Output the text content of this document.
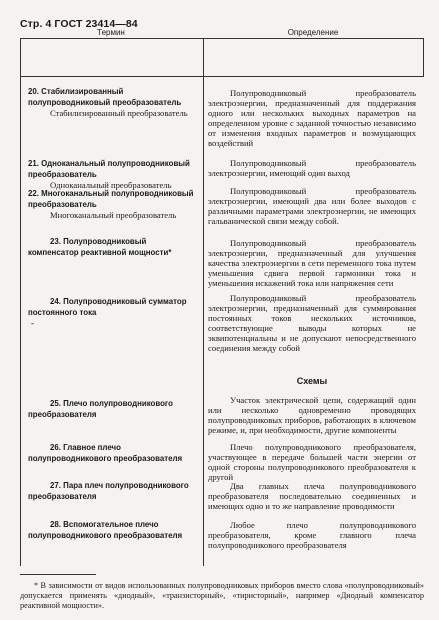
Стр. 4 ГОСТ 23414—84
Термин	Определение
20. Стабилизированный полупроводниковый преобразователь
Стабилизированный преобразователь
Полупроводниковый преобразователь электроэнергии, предназначенный для поддержания одного или нескольких выходных параметров на определенном уровне с заданной точностью независимо от изменения входных параметров и возмущающих воздействий
21. Одноканальный полупроводниковый преобразователь
Одноканальный преобразователь
Полупроводниковый преобразователь электроэнергии, имеющий один выход
22. Многоканальный полупроводниковый преобразователь
Многоканальный преобразователь
Полупроводниковый преобразователь электроэнергии, имеющий два или более выходов с различными параметрами электроэнергии, не имеющих гальванической связи между собой.
23. Полупроводниковый компенсатор реактивной мощности*
Полупроводниковый преобразователь электроэнергии, предназначенный для улучшения качества электроэнергии в сети переменного тока путем уменьшения сдвига первой гармоники тока и уменьшения искажений тока или напряжения сети
24. Полупроводниковый сумматор постоянного тока
Полупроводниковый преобразователь электроэнергии, предназначенный для суммирования постоянных токов нескольких источников, соответствующие выводы которых не эквипотенциальны и не допускают непосредственного соединения между собой
-
Схемы
25. Плечо полупроводникового преобразователя
Участок электрической цепи, содержащий один или несколько одновременно проводящих полупроводниковых приборов, работающих в ключевом режиме, и, при необходимости, другие компоненты
26. Главное плечо полупроводникового преобразователя
Плечо полупроводникового преобразователя, участвующее в передаче большей части энергии от одной стороны полупроводникового преобразователя к другой
27. Пара плеч полупроводникового преобразователя
Два главных плеча полупроводникового преобразователя последовательно соединенных и имеющих одно и то же направление проводимости
28. Вспомогательное плечо полупроводникового преобразователя
Любое плечо полупроводникового преобразователя, кроме главного плеча полупроводникового преобразователя
* В зависимости от видов использованных полупроводниковых приборов вместо слова «полупроводниковый» допускается применять «диодный», «транзисторный», «тиристорный», например «Диодный компенсатор реактивной мощности».
